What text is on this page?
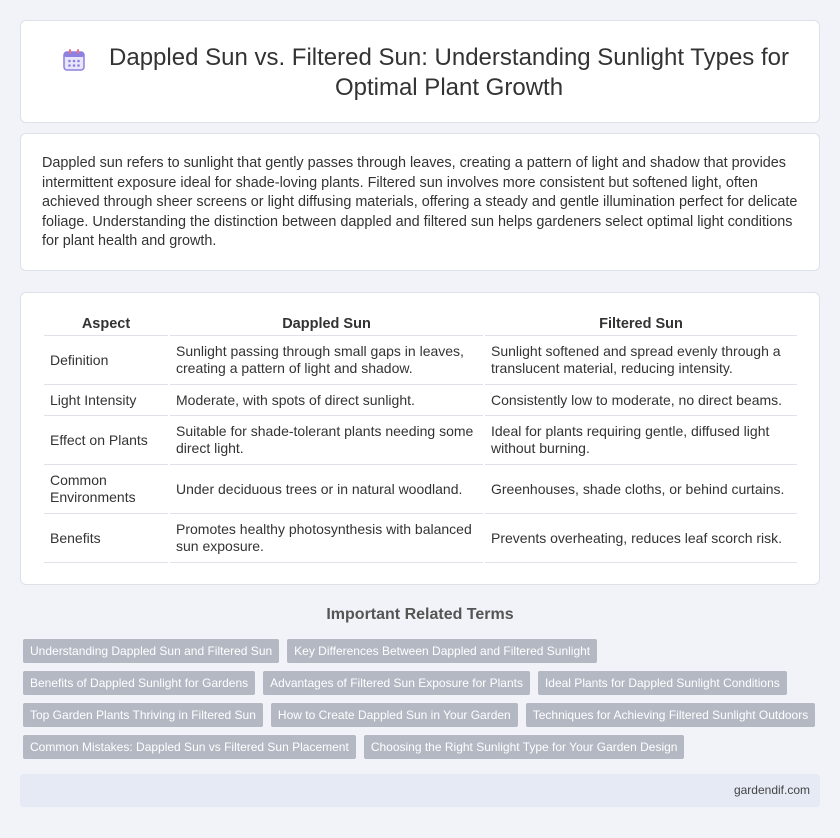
Dappled Sun vs. Filtered Sun: Understanding Sunlight Types for Optimal Plant Growth

Dappled sun refers to sunlight that gently passes through leaves, creating a pattern of light and shadow that provides intermittent exposure ideal for shade-loving plants. Filtered sun involves more consistent but softened light, often achieved through sheer screens or light diffusing materials, offering a steady and gentle illumination perfect for delicate foliage. Understanding the distinction between dappled and filtered sun helps gardeners select optimal light conditions for plant health and growth.

Aspect	Dappled Sun	Filtered Sun
Definition	Sunlight passing through small gaps in leaves, creating a pattern of light and shadow.	Sunlight softened and spread evenly through a translucent material, reducing intensity.
Light Intensity	Moderate, with spots of direct sunlight.	Consistently low to moderate, no direct beams.
Effect on Plants	Suitable for shade-tolerant plants needing some direct light.	Ideal for plants requiring gentle, diffused light without burning.
Common Environments	Under deciduous trees or in natural woodland.	Greenhouses, shade cloths, or behind curtains.
Benefits	Promotes healthy photosynthesis with balanced sun exposure.	Prevents overheating, reduces leaf scorch risk.
Important Related Terms
Understanding Dappled Sun and Filtered Sun	Key Differences Between Dappled and Filtered Sunlight
Benefits of Dappled Sunlight for Gardens	Advantages of Filtered Sun Exposure for Plants	Ideal Plants for Dappled Sunlight Conditions
Top Garden Plants Thriving in Filtered Sun	How to Create Dappled Sun in Your Garden	Techniques for Achieving Filtered Sunlight Outdoors
Common Mistakes: Dappled Sun vs Filtered Sun Placement	Choosing the Right Sunlight Type for Your Garden Design
gardendif.com
